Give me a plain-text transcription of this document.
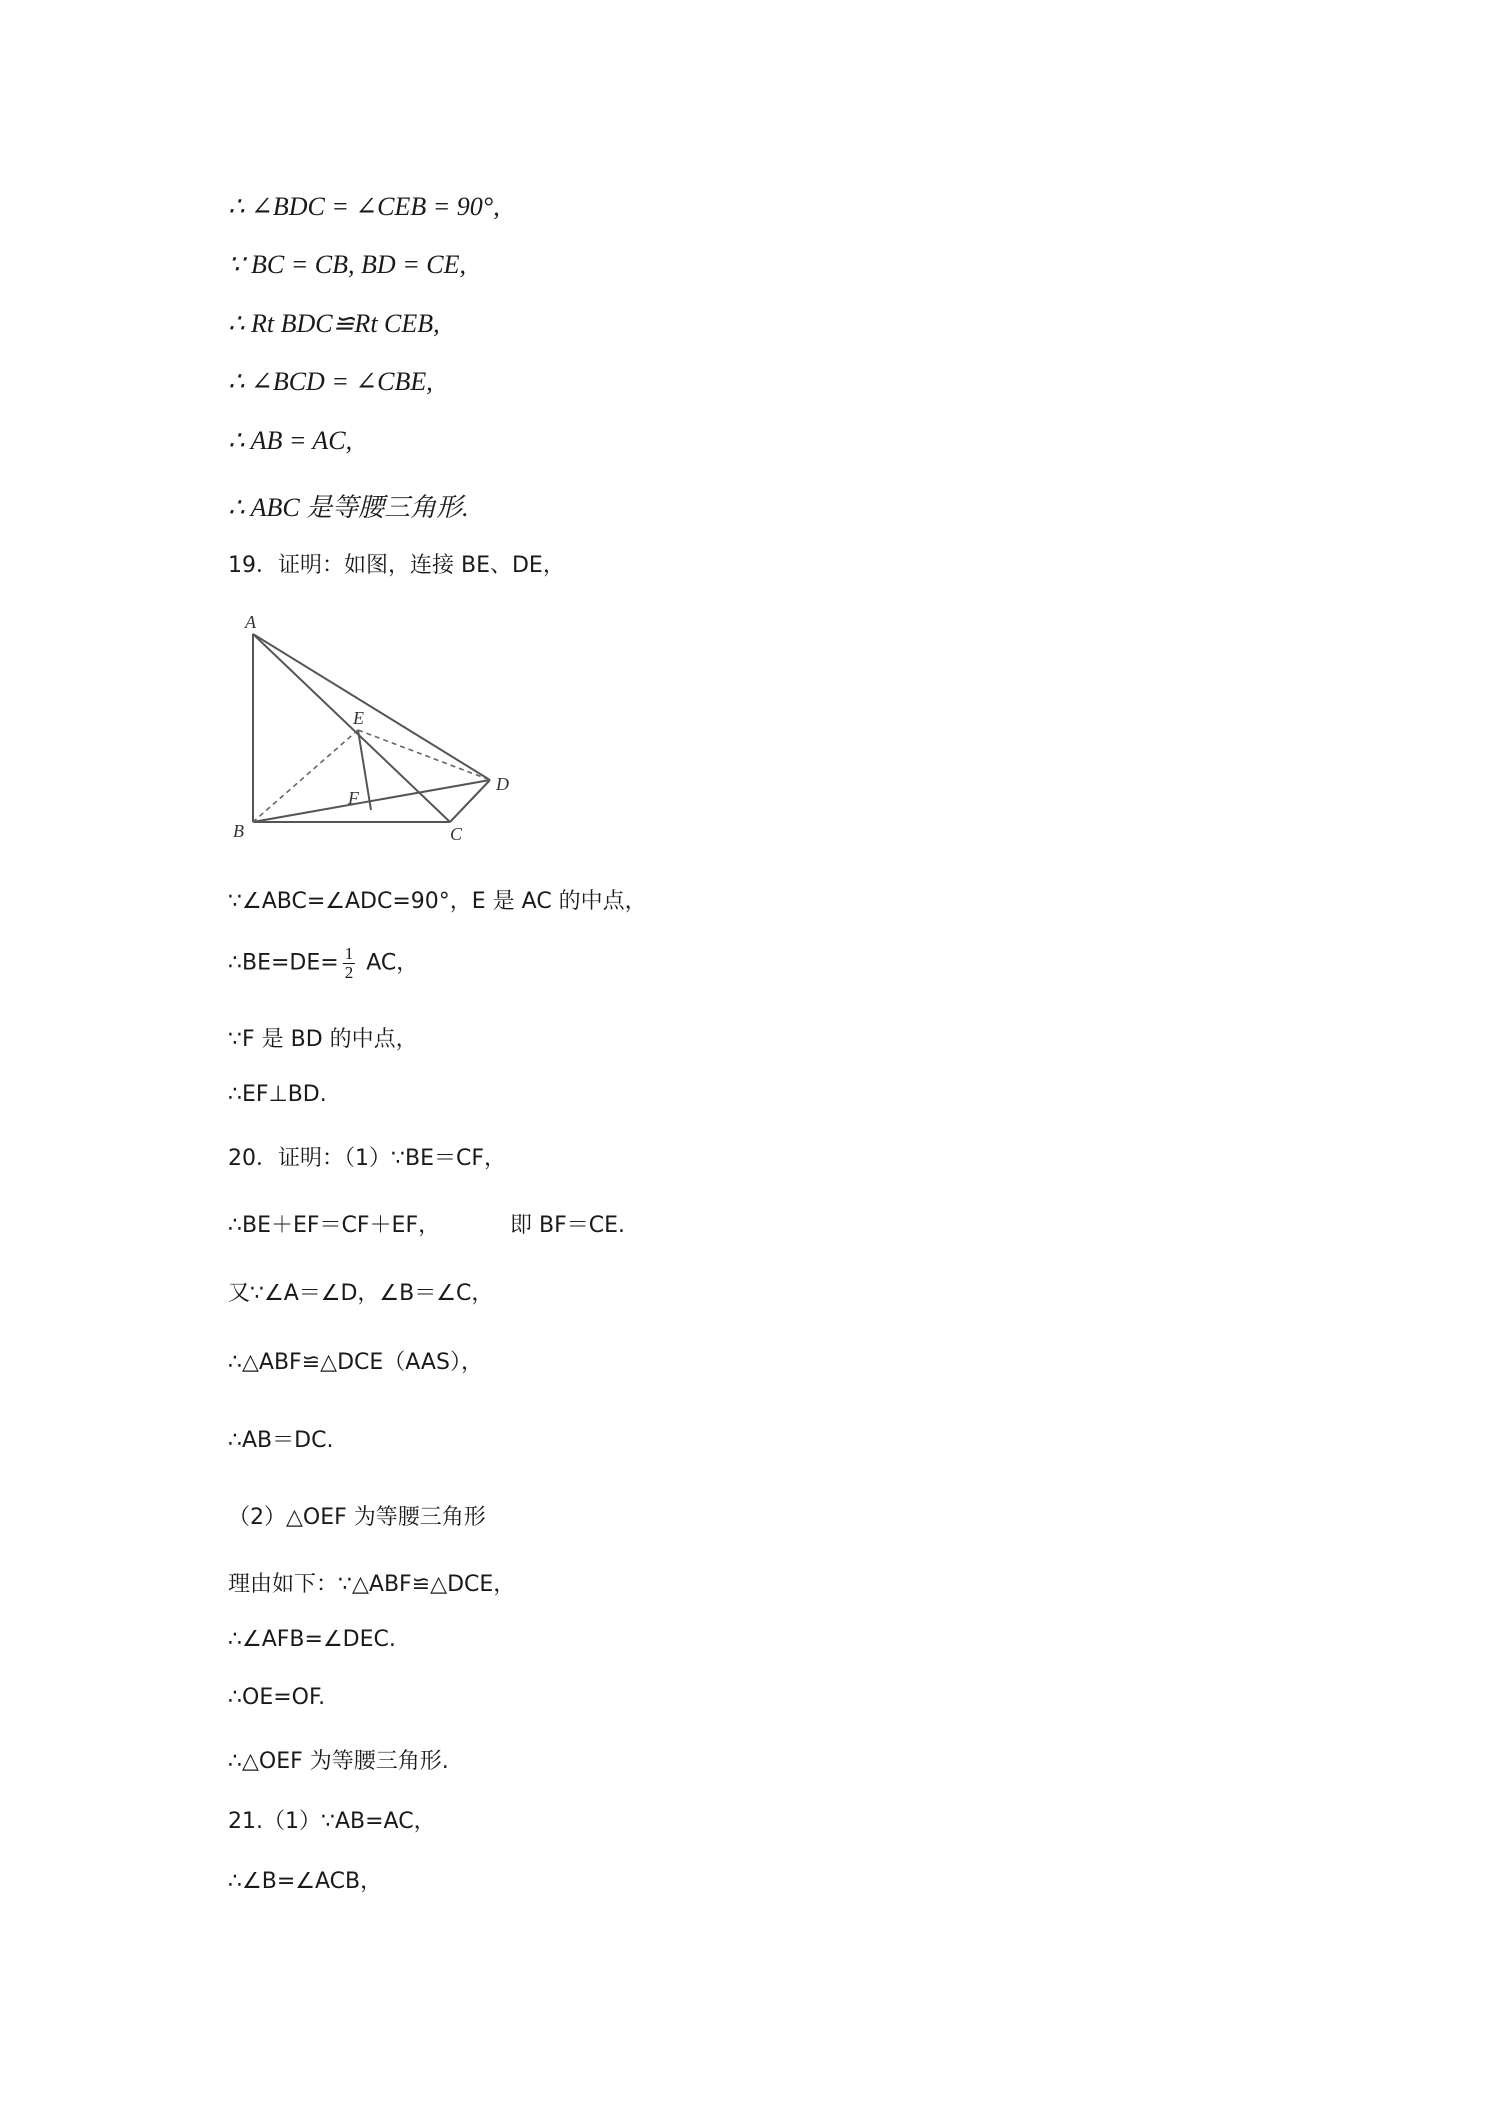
∴ ∠BDC = ∠CEB = 90°,
∵ BC = CB, BD = CE,
∴ Rt BDC≌Rt CEB,
∴ ∠BCD = ∠CBE,
∴ AB = AC,
∴ ABC 是等腰三角形.
19．证明：如图，连接 BE、DE，
A
B	C
D
E
F
∵∠ABC=∠ADC=90°，E 是 AC 的中点，
∴BE=DE= $\frac{1}{2}$ AC，
∵F 是 BD 的中点，
∴EF⊥BD.
20．证明：（1）∵BE＝CF，
∴BE＋EF＝CF＋EF，          即 BF＝CE.
又∵∠A＝∠D，∠B＝∠C，
∴△ABF≌△DCE（AAS），
∴AB＝DC.
（2）△OEF 为等腰三角形
理由如下：∵△ABF≌△DCE，
∴∠AFB=∠DEC.
∴OE=OF.
∴△OEF 为等腰三角形.
21.（1）∵AB=AC，
∴∠B=∠ACB，
